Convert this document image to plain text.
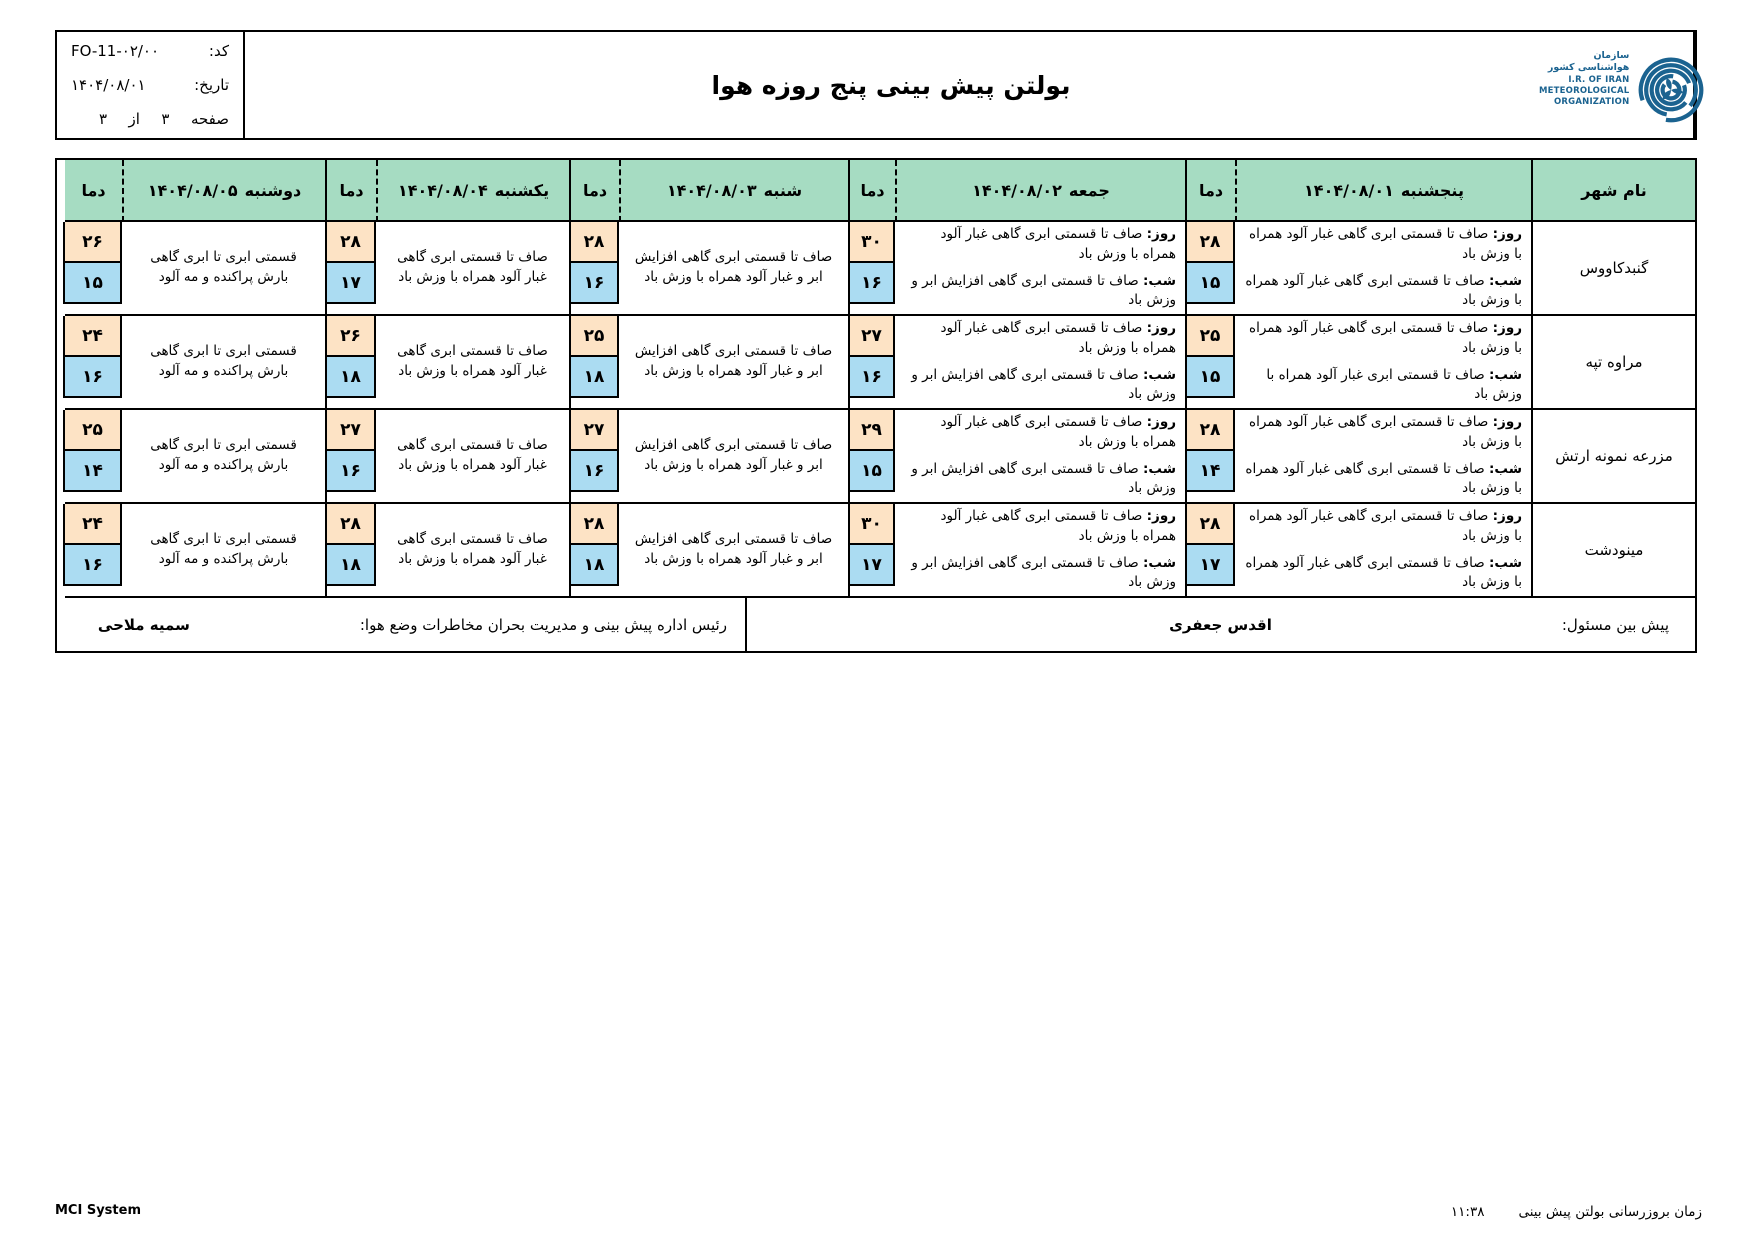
سازمان هواشناسی کشور
I.R. OF IRAN
METEOROLOGICAL
ORGANIZATION
بولتن پیش بینی پنج روزه هوا
کد:
FO-11-۰۲/۰۰
تاریخ:
۱۴۰۴/۰۸/۰۱
صفحه
۳
از
۳
نام شهر
پنجشنبه
۱۴۰۴/۰۸/۰۱
دما
جمعه
۱۴۰۴/۰۸/۰۲
دما
شنبه
۱۴۰۴/۰۸/۰۳
دما
یکشنبه
۱۴۰۴/۰۸/۰۴
دما
دوشنبه
۱۴۰۴/۰۸/۰۵
دما
گنبدکاووس

روز: صاف تا قسمتی ابری گاهی غبار آلود همراه با وزش باد

شب: صاف تا قسمتی ابری گاهی غبار آلود همراه با وزش باد

۲۸
۱۵

روز: صاف تا قسمتی ابری گاهی غبار آلود همراه با وزش باد

شب: صاف تا قسمتی ابری گاهی افزایش ابر و وزش باد

۳۰
۱۶

صاف تا قسمتی ابری گاهی افزایش ابر و غبار آلود همراه با وزش باد

۲۸
۱۶

صاف تا قسمتی ابری گاهی غبار آلود همراه با وزش باد

۲۸
۱۷

قسمتی ابری تا ابری گاهی بارش پراکنده و مه آلود

۲۶
۱۵
مراوه تپه

روز: صاف تا قسمتی ابری گاهی غبار آلود همراه با وزش باد

شب: صاف تا قسمتی ابری غبار آلود همراه با وزش باد

۲۵
۱۵

روز: صاف تا قسمتی ابری گاهی غبار آلود همراه با وزش باد

شب: صاف تا قسمتی ابری گاهی افزایش ابر و وزش باد

۲۷
۱۶

صاف تا قسمتی ابری گاهی افزایش ابر و غبار آلود همراه با وزش باد

۲۵
۱۸

صاف تا قسمتی ابری گاهی غبار آلود همراه با وزش باد

۲۶
۱۸

قسمتی ابری تا ابری گاهی بارش پراکنده و مه آلود

۲۴
۱۶
مزرعه نمونه ارتش

روز: صاف تا قسمتی ابری گاهی غبار آلود همراه با وزش باد

شب: صاف تا قسمتی ابری گاهی غبار آلود همراه با وزش باد

۲۸
۱۴

روز: صاف تا قسمتی ابری گاهی غبار آلود همراه با وزش باد

شب: صاف تا قسمتی ابری گاهی افزایش ابر و وزش باد

۲۹
۱۵

صاف تا قسمتی ابری گاهی افزایش ابر و غبار آلود همراه با وزش باد

۲۷
۱۶

صاف تا قسمتی ابری گاهی غبار آلود همراه با وزش باد

۲۷
۱۶

قسمتی ابری تا ابری گاهی بارش پراکنده و مه آلود

۲۵
۱۴
مینودشت

روز: صاف تا قسمتی ابری گاهی غبار آلود همراه با وزش باد

شب: صاف تا قسمتی ابری گاهی غبار آلود همراه با وزش باد

۲۸
۱۷

روز: صاف تا قسمتی ابری گاهی غبار آلود همراه با وزش باد

شب: صاف تا قسمتی ابری گاهی افزایش ابر و وزش باد

۳۰
۱۷

صاف تا قسمتی ابری گاهی افزایش ابر و غبار آلود همراه با وزش باد

۲۸
۱۸

صاف تا قسمتی ابری گاهی غبار آلود همراه با وزش باد

۲۸
۱۸

قسمتی ابری تا ابری گاهی بارش پراکنده و مه آلود

۲۴
۱۶
پیش بین مسئول:
اقدس جعفری
رئیس اداره پیش بینی و مدیریت بحران مخاطرات وضع هوا:
سمیه ملاحی
MCI System	زمان بروزرسانی بولتن پیش بینی
۱۱:۳۸
